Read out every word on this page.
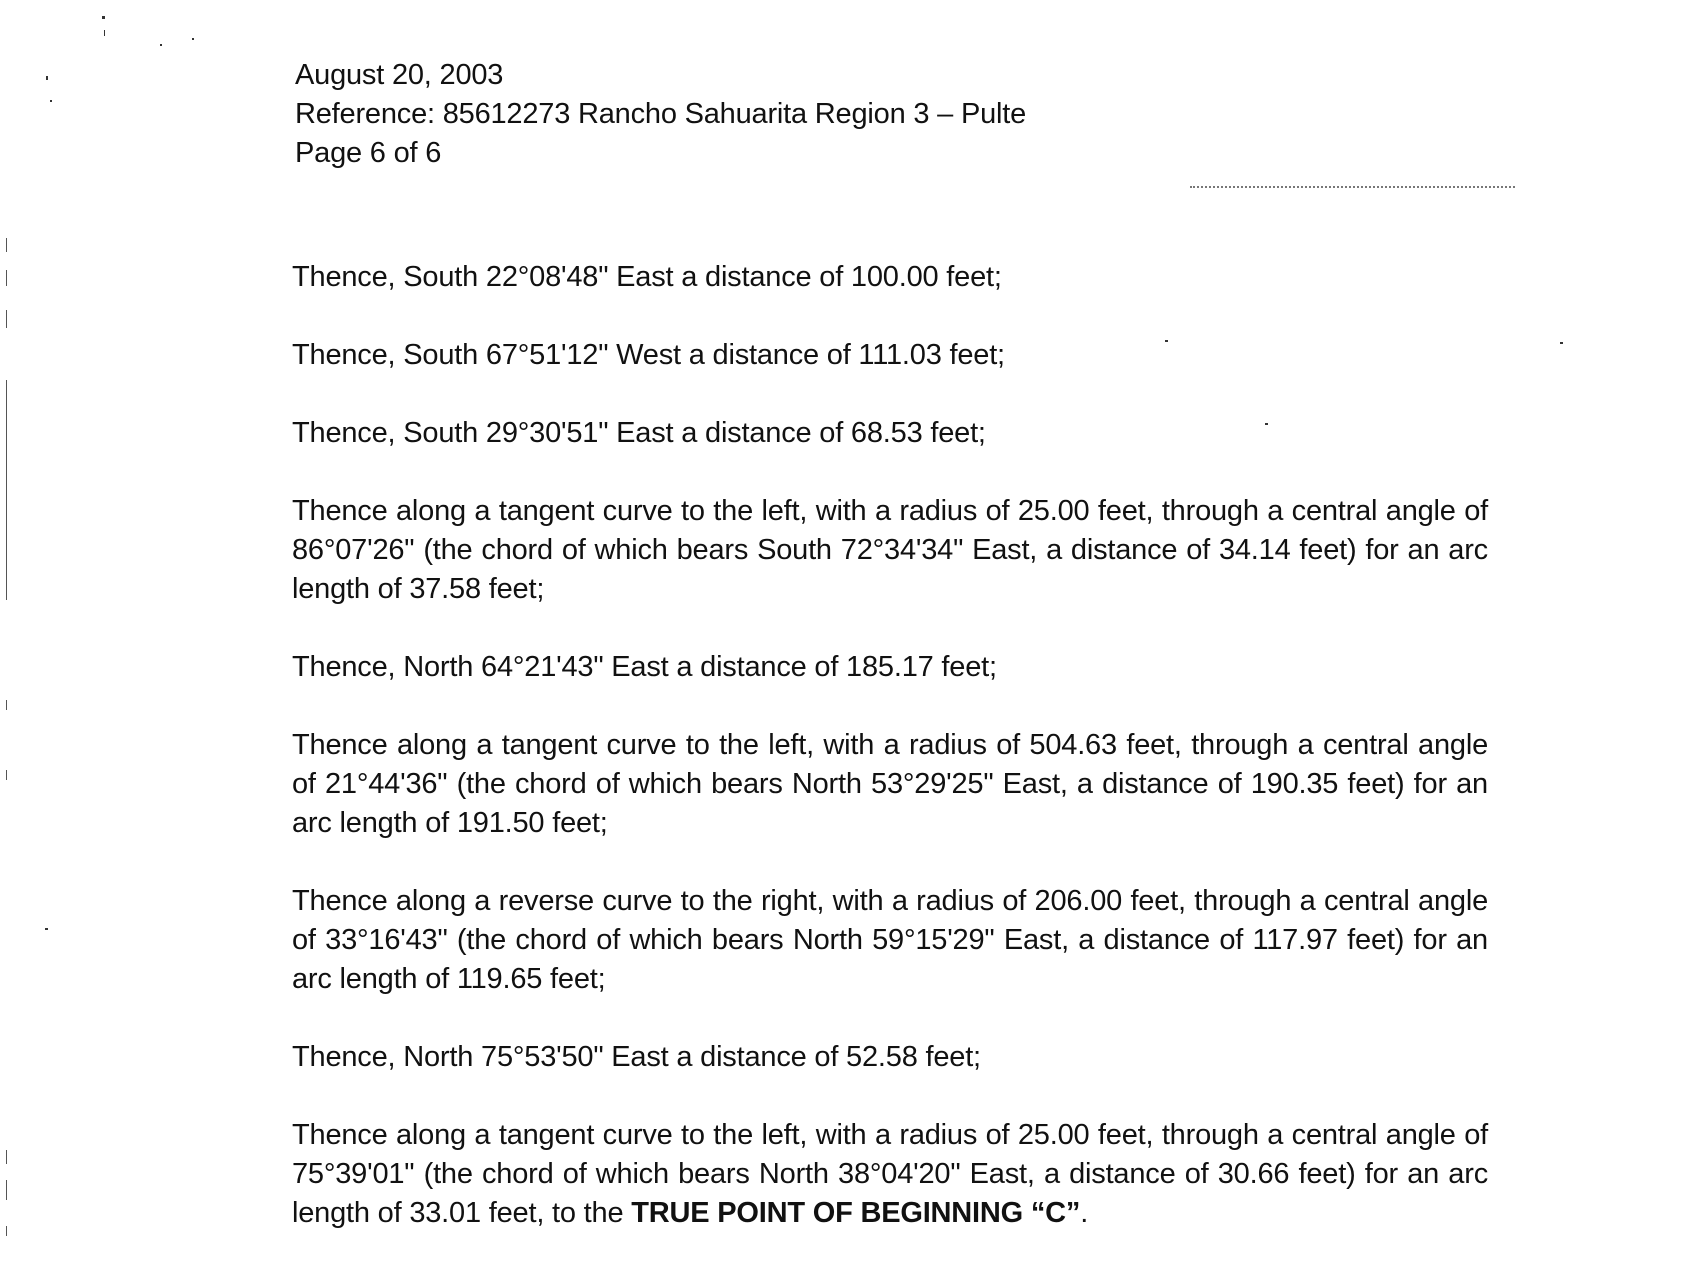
August 20, 2003
Reference: 85612273 Rancho Sahuarita Region 3 – Pulte
Page 6 of 6

Thence, South 22°08'48" East a distance of 100.00 feet;

Thence, South 67°51'12" West a distance of 111.03 feet;

Thence, South 29°30'51" East a distance of 68.53 feet;

Thence along a tangent curve to the left, with a radius of 25.00 feet, through a central angle of 86°07'26" (the chord of which bears South 72°34'34" East, a distance of 34.14 feet) for an arc length of 37.58 feet;

Thence, North 64°21'43" East a distance of 185.17 feet;

Thence along a tangent curve to the left, with a radius of 504.63 feet, through a central angle of 21°44'36" (the chord of which bears North 53°29'25" East, a distance of 190.35 feet) for an arc length of 191.50 feet;

Thence along a reverse curve to the right, with a radius of 206.00 feet, through a central angle of 33°16'43" (the chord of which bears North 59°15'29" East, a distance of 117.97 feet) for an arc length of 119.65 feet;

Thence, North 75°53'50" East a distance of 52.58 feet;

Thence along a tangent curve to the left, with a radius of 25.00 feet, through a central angle of 75°39'01" (the chord of which bears North 38°04'20" East, a distance of 30.66 feet) for an arc length of 33.01 feet, to the TRUE POINT OF BEGINNING “C”.
